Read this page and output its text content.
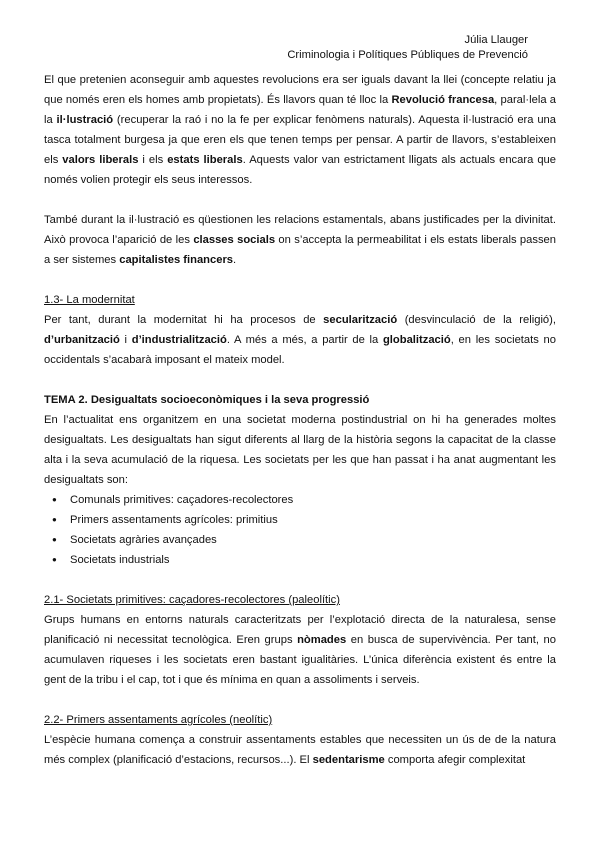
Júlia Llauger
Criminologia i Polítiques Públiques de Prevenció

El que pretenien aconseguir amb aquestes revolucions era ser iguals davant la llei (concepte relatiu ja que només eren els homes amb propietats). És llavors quan té lloc la Revolució francesa, paral·lela a la il·lustració (recuperar la raó i no la fe per explicar fenòmens naturals). Aquesta il·lustració era una tasca totalment burgesa ja que eren els que tenen temps per pensar. A partir de llavors, s’estableixen els valors liberals i els estats liberals. Aquests valor van estrictament lligats als actuals encara que només volien protegir els seus interessos.

També durant la il·lustració es qüestionen les relacions estamentals, abans justificades per la divinitat. Això provoca l’aparició de les classes socials on s’accepta la permeabilitat i els estats liberals passen a ser sistemes capitalistes financers.

1.3- La modernitat

Per tant, durant la modernitat hi ha procesos de secularització (desvinculació de la religió), d’urbanització i d’industrialització. A més a més, a partir de la globalització, en les societats no occidentals s’acabarà imposant el mateix model.

TEMA 2. Desigualtats socioeconòmiques i la seva progressió

En l’actualitat ens organitzem en una societat moderna postindustrial on hi ha generades moltes desigualtats. Les desigualtats han sigut diferents al llarg de la història segons la capacitat de la classe alta i la seva acumulació de la riquesa. Les societats per les que han passat i ha anat augmentant les desigualtats son:

● Comunals primitives: caçadores-recolectores
● Primers assentaments agrícoles: primitius
● Societats agràries avançades
● Societats industrials

2.1- Societats primitives: caçadores-recolectores (paleolític)

Grups humans en entorns naturals caracteritzats per l’explotació directa de la naturalesa, sense planificació ni necessitat tecnològica. Eren grups nòmades en busca de supervivència. Per tant, no acumulaven riqueses i les societats eren bastant igualitàries. L’única diferència existent és entre la gent de la tribu i el cap, tot i que és mínima en quan a assoliments i serveis.

2.2- Primers assentaments agrícoles (neolític)

L’espècie humana comença a construir assentaments estables que necessiten un ús de de la natura més complex (planificació d’estacions, recursos...). El sedentarisme comporta afegir complexitat
